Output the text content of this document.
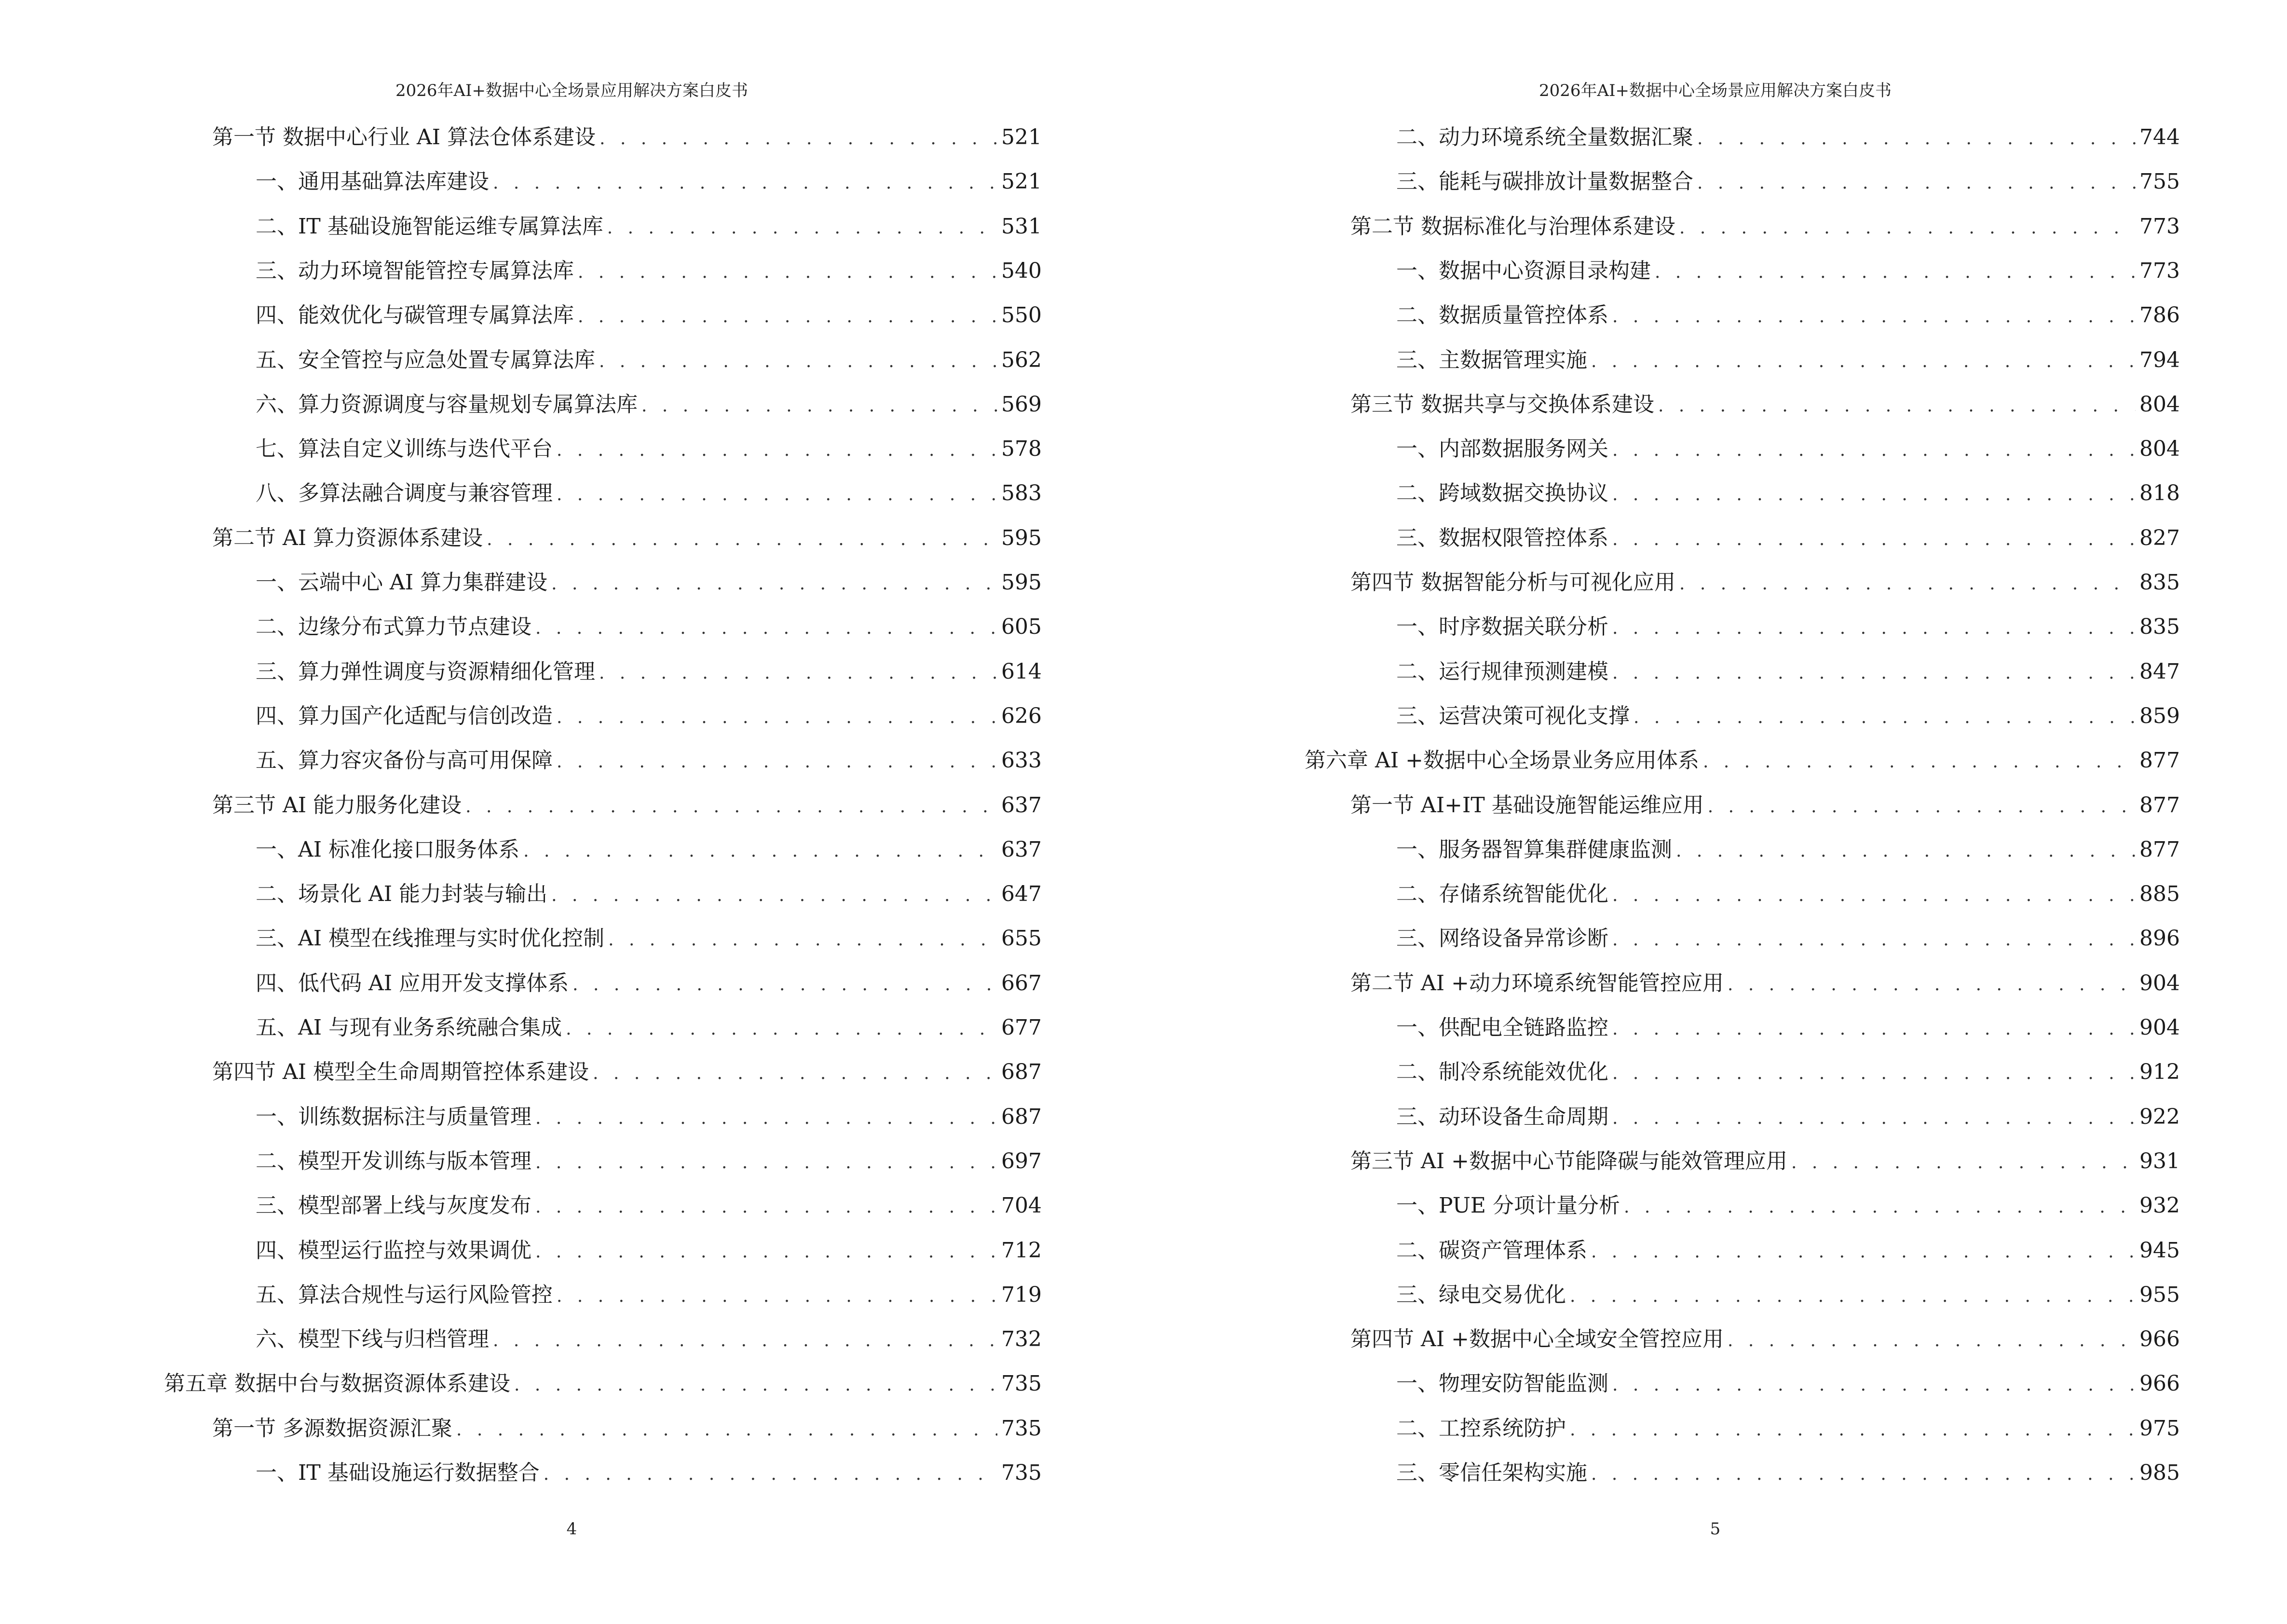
2026年AI+数据中心全场景应用解决方案白皮书
第一节 数据中心行业 AI 算法仓体系建设 . . .	521
一、通用基础算法库建设 . . .	521
二、IT 基础设施智能运维专属算法库 . . .	531
三、动力环境智能管控专属算法库 . . .	540
四、能效优化与碳管理专属算法库 . . .	550
五、安全管控与应急处置专属算法库 . . .	562
六、算力资源调度与容量规划专属算法库 . . .	569
七、算法自定义训练与迭代平台 . . .	578
八、多算法融合调度与兼容管理 . . .	583
第二节 AI 算力资源体系建设 . . .	595
一、云端中心 AI 算力集群建设 . . .	595
二、边缘分布式算力节点建设 . . .	605
三、算力弹性调度与资源精细化管理 . . .	614
四、算力国产化适配与信创改造 . . .	626
五、算力容灾备份与高可用保障 . . .	633
第三节 AI 能力服务化建设 . . .	637
一、AI 标准化接口服务体系 . . .	637
二、场景化 AI 能力封装与输出 . . .	647
三、AI 模型在线推理与实时优化控制 . . .	655
四、低代码 AI 应用开发支撑体系 . . .	667
五、AI 与现有业务系统融合集成 . . .	677
第四节 AI 模型全生命周期管控体系建设 . . .	687
一、训练数据标注与质量管理 . . .	687
二、模型开发训练与版本管理 . . .	697
三、模型部署上线与灰度发布 . . .	704
四、模型运行监控与效果调优 . . .	712
五、算法合规性与运行风险管控 . . .	719
六、模型下线与归档管理 . . .	732
第五章 数据中台与数据资源体系建设 . . .	735
第一节 多源数据资源汇聚 . . .	735
一、IT 基础设施运行数据整合 . . .	735
4
2026年AI+数据中心全场景应用解决方案白皮书
二、动力环境系统全量数据汇聚 . . .	744
三、能耗与碳排放计量数据整合 . . .	755
第二节 数据标准化与治理体系建设 . . .	773
一、数据中心资源目录构建 . . .	773
二、数据质量管控体系 . . .	786
三、主数据管理实施 . . .	794
第三节 数据共享与交换体系建设 . . .	804
一、内部数据服务网关 . . .	804
二、跨域数据交换协议 . . .	818
三、数据权限管控体系 . . .	827
第四节 数据智能分析与可视化应用 . . .	835
一、时序数据关联分析 . . .	835
二、运行规律预测建模 . . .	847
三、运营决策可视化支撑 . . .	859
第六章 AI +数据中心全场景业务应用体系 . . .	877
第一节 AI+IT 基础设施智能运维应用 . . .	877
一、服务器智算集群健康监测 . . .	877
二、存储系统智能优化 . . .	885
三、网络设备异常诊断 . . .	896
第二节 AI +动力环境系统智能管控应用 . . .	904
一、供配电全链路监控 . . .	904
二、制冷系统能效优化 . . .	912
三、动环设备生命周期 . . .	922
第三节 AI +数据中心节能降碳与能效管理应用 . . .	931
一、PUE 分项计量分析 . . .	932
二、碳资产管理体系 . . .	945
三、绿电交易优化 . . .	955
第四节 AI +数据中心全域安全管控应用 . . .	966
一、物理安防智能监测 . . .	966
二、工控系统防护 . . .	975
三、零信任架构实施 . . .	985
5
